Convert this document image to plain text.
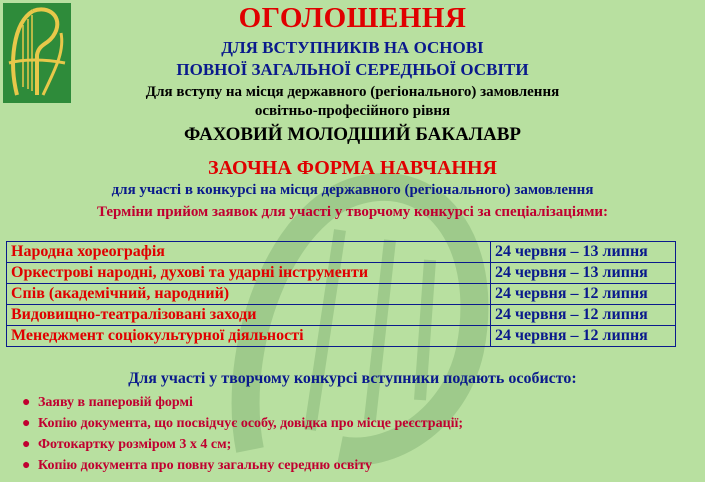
ОГОЛОШЕННЯ
ДЛЯ ВСТУПНИКІВ НА ОСНОВІ
ПОВНОЇ ЗАГАЛЬНОЇ СЕРЕДНЬОЇ ОСВІТИ
Для вступу на місця державного (регіонального) замовлення
освітньо-професійного рівня
ФАХОВИЙ МОЛОДШИЙ БАКАЛАВР
ЗАОЧНА ФОРМА НАВЧАННЯ
для участі в конкурсі на місця державного (регіонального) замовлення
Терміни прийом заявок для участі у творчому конкурсі за спеціалізаціями:
Народна хореографія	24 червня – 13 липня
Оркестрові народні, духові та ударні інструменти	24 червня – 13 липня
Спів (академічний, народний)	24 червня – 12 липня
Видовищно-театралізовані заходи	24 червня – 12 липня
Менеджмент соціокультурної діяльності	24 червня – 12 липня
Для участі у творчому конкурсі вступники подають особисто:
● Заяву в паперовій формі
● Копію документа, що посвідчує особу, довідка про місце реєстрації;
● Фотокартку розміром 3 х 4 см;
● Копію документа про повну загальну середню освіту
